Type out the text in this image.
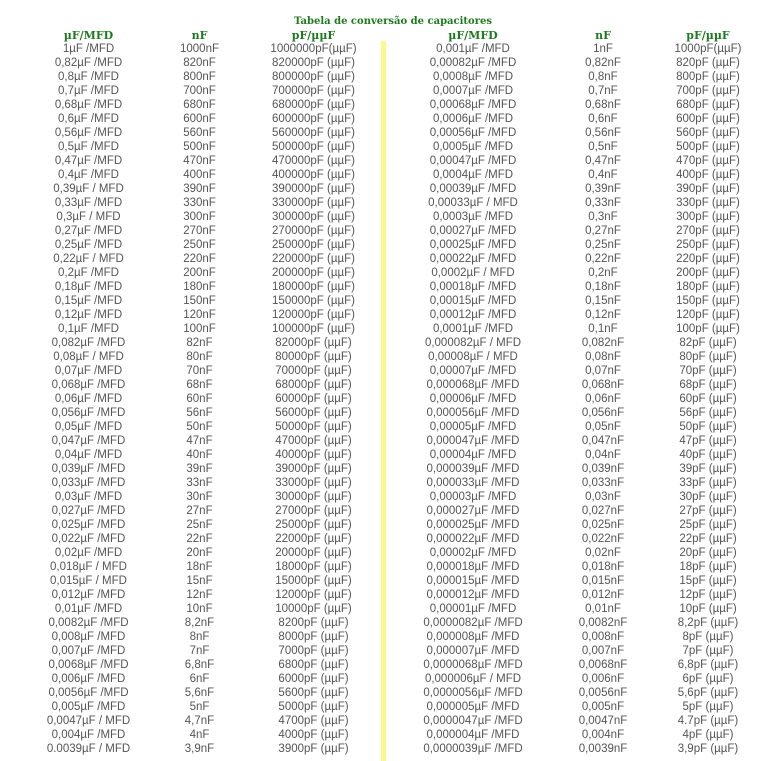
Tabela de conversão de capacitores
µF/MFD	nF	pF/µµF
1µF /MFD	1000nF	1000000pF(µµF)
0,82µF /MFD	820nF	820000pF (µµF)
0,8µF /MFD	800nF	800000pF (µµF)
0,7µF /MFD	700nF	700000pF (µµF)
0,68µF /MFD	680nF	680000pF (µµF)
0,6µF /MFD	600nF	600000pF (µµF)
0,56µF /MFD	560nF	560000pF (µµF)
0,5µF /MFD	500nF	500000pF (µµF)
0,47µF /MFD	470nF	470000pF (µµF)
0,4µF /MFD	400nF	400000pF (µµF)
0,39µF / MFD	390nF	390000pF (µµF)
0,33µF /MFD	330nF	330000pF (µµF)
0,3µF / MFD	300nF	300000pF (µµF)
0,27µF /MFD	270nF	270000pF (µµF)
0,25µF /MFD	250nF	250000pF (µµF)
0,22µF / MFD	220nF	220000pF (µµF)
0,2µF /MFD	200nF	200000pF (µµF)
0,18µF /MFD	180nF	180000pF (µµF)
0,15µF /MFD	150nF	150000pF (µµF)
0,12µF /MFD	120nF	120000pF (µµF)
0,1µF /MFD	100nF	100000pF (µµF)
0,082µF /MFD	82nF	82000pF (µµF)
0,08µF / MFD	80nF	80000pF (µµF)
0,07µF /MFD	70nF	70000pF (µµF)
0,068µF /MFD	68nF	68000pF (µµF)
0,06µF /MFD	60nF	60000pF (µµF)
0,056µF /MFD	56nF	56000pF (µµF)
0,05µF /MFD	50nF	50000pF (µµF)
0,047µF /MFD	47nF	47000pF (µµF)
0,04µF /MFD	40nF	40000pF (µµF)
0,039µF /MFD	39nF	39000pF (µµF)
0,033µF /MFD	33nF	33000pF (µµF)
0,03µF /MFD	30nF	30000pF (µµF)
0,027µF /MFD	27nF	27000pF (µµF)
0,025µF /MFD	25nF	25000pF (µµF)
0,022µF /MFD	22nF	22000pF (µµF)
0,02µF /MFD	20nF	20000pF (µµF)
0,018µF / MFD	18nF	18000pF (µµF)
0,015µF / MFD	15nF	15000pF (µµF)
0,012µF /MFD	12nF	12000pF (µµF)
0,01µF /MFD	10nF	10000pF (µµF)
0,0082µF /MFD	8,2nF	8200pF (µµF)
0,008µF /MFD	8nF	8000pF (µµF)
0,007µF /MFD	7nF	7000pF (µµF)
0,0068µF /MFD	6,8nF	6800pF (µµF)
0,006µF /MFD	6nF	6000pF (µµF)
0,0056µF /MFD	5,6nF	5600pF (µµF)
0,005µF /MFD	5nF	5000pF (µµF)
0,0047µF / MFD	4,7nF	4700pF (µµF)
0,004µF /MFD	4nF	4000pF (µµF)
0.0039µF / MFD	3,9nF	3900pF (µµF)
µF/MFD	nF	pF/µµF
0,001µF /MFD	1nF	1000pF(µµF)
0,00082µF /MFD	0,82nF	820pF (µµF)
0,0008µF /MFD	0,8nF	800pF (µµF)
0,0007µF /MFD	0,7nF	700pF (µµF)
0,00068µF /MFD	0,68nF	680pF (µµF)
0,0006µF /MFD	0,6nF	600pF (µµF)
0,00056µF /MFD	0,56nF	560pF (µµF)
0,0005µF /MFD	0,5nF	500pF (µµF)
0,00047µF /MFD	0,47nF	470pF (µµF)
0,0004µF /MFD	0,4nF	400pF (µµF)
0,00039µF /MFD	0,39nF	390pF (µµF)
0,00033µF / MFD	0,33nF	330pF (µµF)
0,0003µF /MFD	0,3nF	300pF (µµF)
0,00027µF /MFD	0,27nF	270pF (µµF)
0,00025µF /MFD	0,25nF	250pF (µµF)
0,00022µF /MFD	0,22nF	220pF (µµF)
0,0002µF / MFD	0,2nF	200pF (µµF)
0,00018µF /MFD	0,18nF	180pF (µµF)
0,00015µF /MFD	0,15nF	150pF (µµF)
0,00012µF /MFD	0,12nF	120pF (µµF)
0,0001µF /MFD	0,1nF	100pF (µµF)
0,000082µF / MFD	0,082nF	82pF (µµF)
0,00008µF / MFD	0,08nF	80pF (µµF)
0,00007µF /MFD	0,07nF	70pF (µµF)
0,000068µF /MFD	0,068nF	68pF (µµF)
0,00006µF /MFD	0,06nF	60pF (µµF)
0,000056µF /MFD	0,056nF	56pF (µµF)
0,00005µF /MFD	0,05nF	50pF (µµF)
0,000047µF /MFD	0,047nF	47pF (µµF)
0,00004µF /MFD	0,04nF	40pF (µµF)
0,000039µF /MFD	0,039nF	39pF (µµF)
0,000033µF /MFD	0,033nF	33pF (µµF)
0,00003µF /MFD	0,03nF	30pF (µµF)
0,000027µF /MFD	0,027nF	27pF (µµF)
0,000025µF /MFD	0,025nF	25pF (µµF)
0,000022µF /MFD	0,022nF	22pF (µµF)
0,00002µF /MFD	0,02nF	20pF (µµF)
0,000018µF /MFD	0,018nF	18pF (µµF)
0,000015µF /MFD	0,015nF	15pF (µµF)
0,000012µF /MFD	0,012nF	12pF (µµF)
0,00001µF /MFD	0,01nF	10pF (µµF)
0,0000082µF /MFD	0,0082nF	8,2pF (µµF)
0,000008µF /MFD	0,008nF	8pF (µµF)
0,000007µF /MFD	0,007nF	7pF (µµF)
0,0000068µF /MFD	0,0068nF	6,8pF (µµF)
0,000006µF / MFD	0,006nF	6pF (µµF)
0,0000056µF /MFD	0,0056nF	5,6pF (µµF)
0,000005µF /MFD	0,005nF	5pF (µµF)
0,0000047µF /MFD	0,0047nF	4.7pF (µµF)
0,000004µF /MFD	0,004nF	4pF (µµF)
0,0000039µF /MFD	0,0039nF	3,9pF (µµF)
